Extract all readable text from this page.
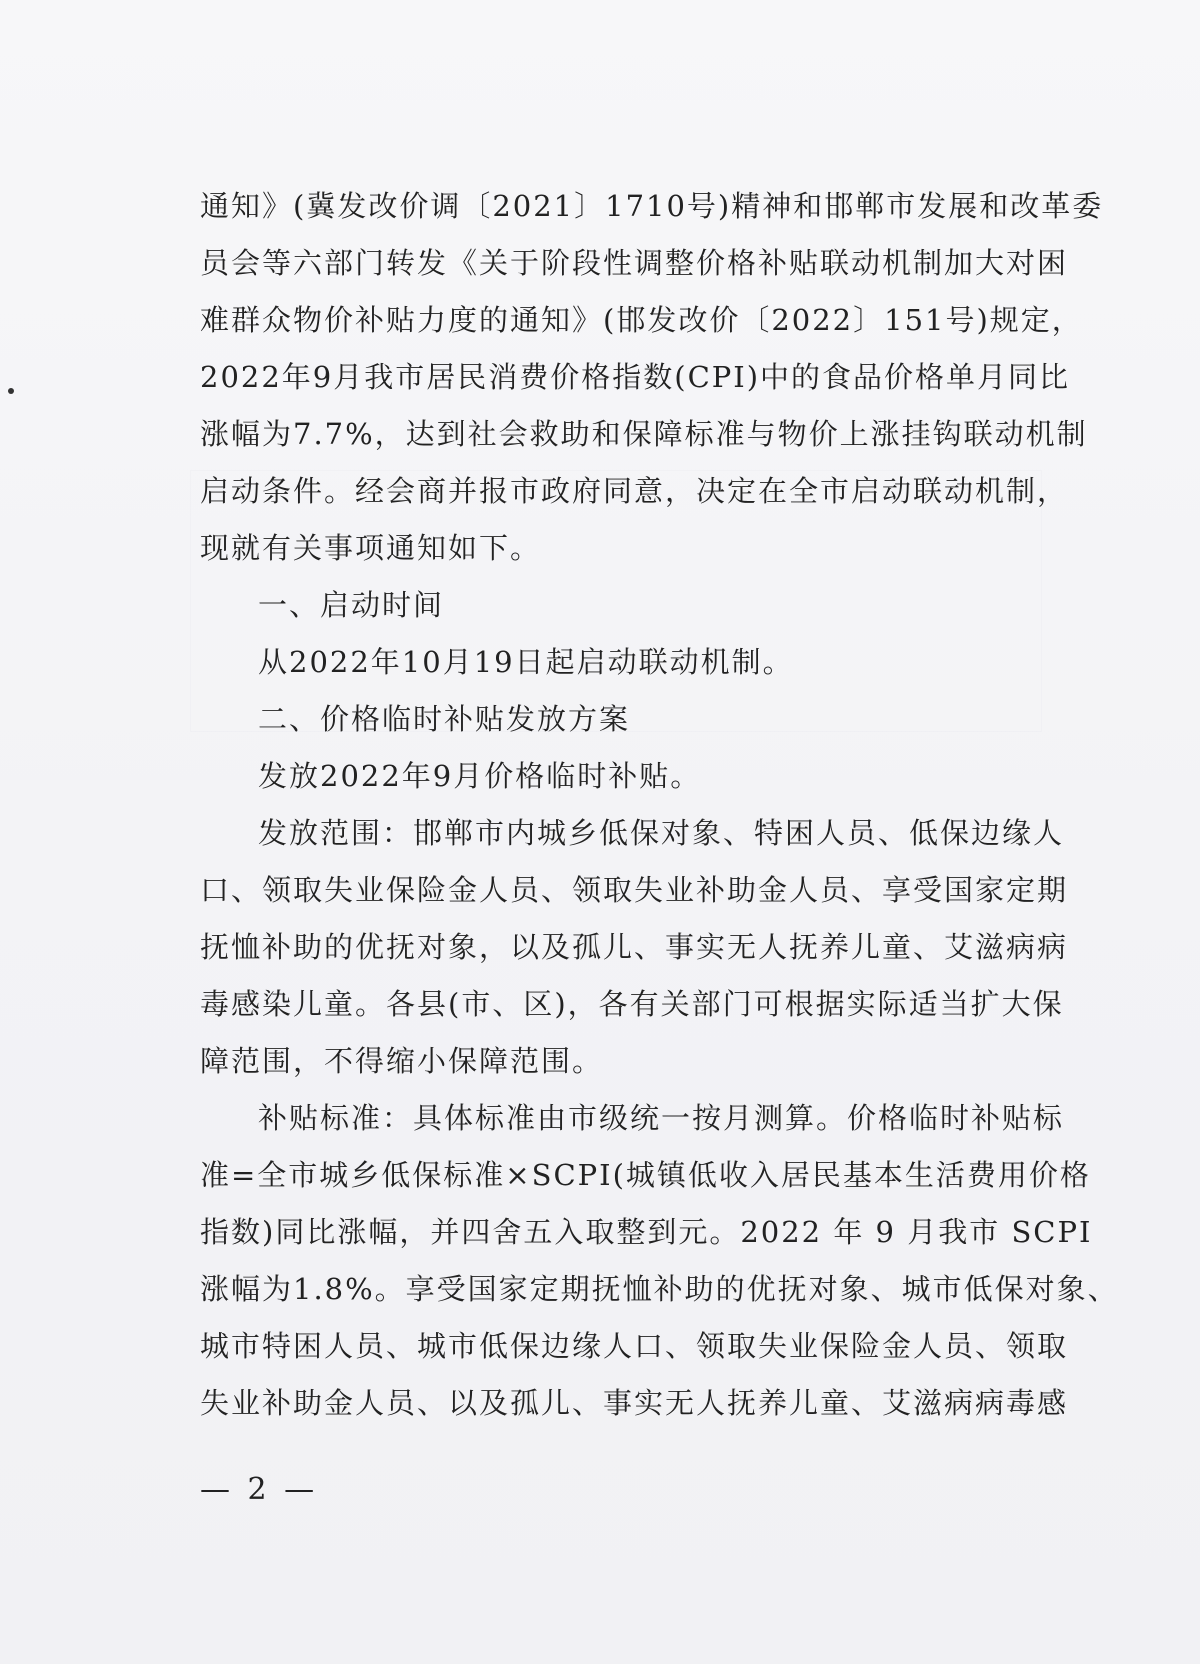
通知》(冀发改价调〔2021〕1710号)精神和邯郸市发展和改革委
员会等六部门转发《关于阶段性调整价格补贴联动机制加大对困
难群众物价补贴力度的通知》(邯发改价〔2022〕151号)规定，
2022年9月我市居民消费价格指数(CPI)中的食品价格单月同比
涨幅为7.7%，达到社会救助和保障标准与物价上涨挂钩联动机制
启动条件。经会商并报市政府同意，决定在全市启动联动机制，
现就有关事项通知如下。
一、启动时间
从2022年10月19日起启动联动机制。
二、价格临时补贴发放方案
发放2022年9月价格临时补贴。
发放范围：邯郸市内城乡低保对象、特困人员、低保边缘人
口、领取失业保险金人员、领取失业补助金人员、享受国家定期
抚恤补助的优抚对象，以及孤儿、事实无人抚养儿童、艾滋病病
毒感染儿童。各县(市、区)，各有关部门可根据实际适当扩大保
障范围，不得缩小保障范围。
补贴标准：具体标准由市级统一按月测算。价格临时补贴标
准=全市城乡低保标准×SCPI(城镇低收入居民基本生活费用价格
指数)同比涨幅，并四舍五入取整到元。2022 年 9 月我市 SCPI
涨幅为1.8%。享受国家定期抚恤补助的优抚对象、城市低保对象、
城市特困人员、城市低保边缘人口、领取失业保险金人员、领取
失业补助金人员、以及孤儿、事实无人抚养儿童、艾滋病病毒感
— 2 —
